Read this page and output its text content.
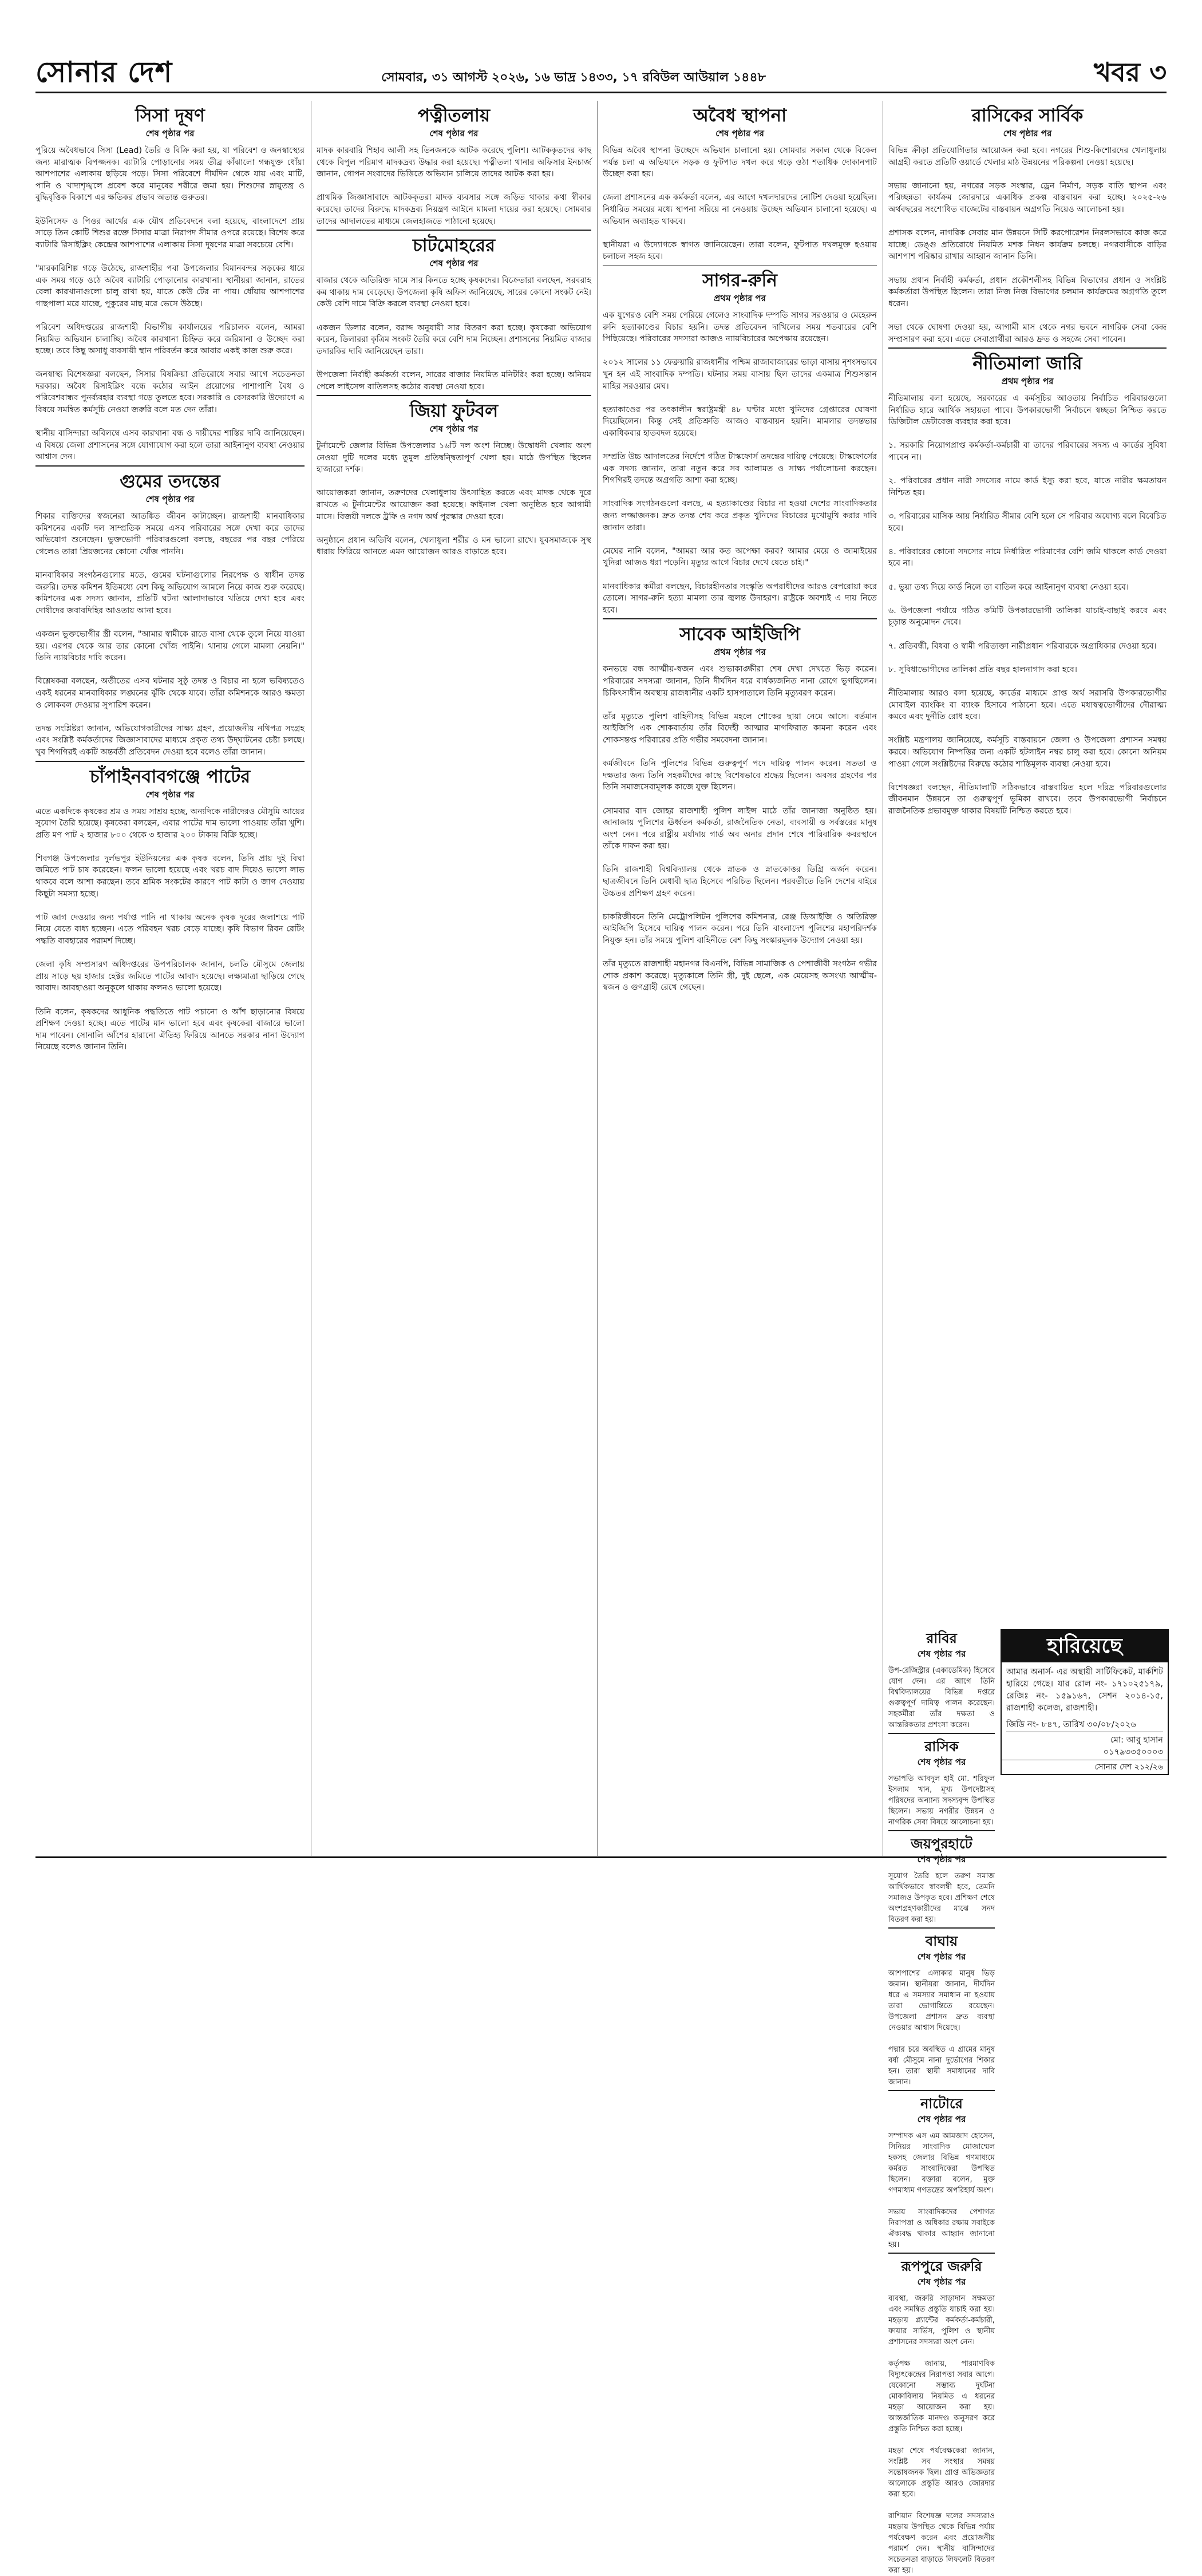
সোনার দেশ	সোমবার, ৩১ আগস্ট ২০২৬, ১৬ ভাদ্র ১৪৩৩, ১৭ রবিউল আউয়াল ১৪৪৮	খবর ৩
সিসা দূষণ
শেষ পৃষ্ঠার পর

পুরিয়ে অবৈধভাবে সিসা (Lead) তৈরি ও বিক্রি করা হয়, যা পরিবেশ ও জনস্বাস্থ্যের জন্য মারাত্মক বিপজ্জনক। ব্যাটারি পোড়ানোর সময় তীব্র কাঁঝালো গন্ধযুক্ত ধোঁয়া আশপাশের এলাকায় ছড়িয়ে পড়ে। সিসা পরিবেশে দীর্ঘদিন থেকে যায় এবং মাটি, পানি ও খাদ্যশৃঙ্খলে প্রবেশ করে মানুষের শরীরে জমা হয়। শিশুদের স্নায়ুতন্ত্র ও বুদ্ধিবৃত্তিক বিকাশে এর ক্ষতিকর প্রভাব অত্যন্ত গুরুতর।

ইউনিসেফ ও পিওর আর্থের এক যৌথ প্রতিবেদনে বলা হয়েছে, বাংলাদেশে প্রায় সাড়ে তিন কোটি শিশুর রক্তে সিসার মাত্রা নিরাপদ সীমার ওপরে রয়েছে। বিশেষ করে ব্যাটারি রিসাইক্লিং কেন্দ্রের আশপাশের এলাকায় সিসা দূষণের মাত্রা সবচেয়ে বেশি।

"মারকারিশিল্প গড়ে উঠেছে, রাজশাহীর পবা উপজেলার বিমানবন্দর সড়কের ধারে এক সময় গড়ে ওঠে অবৈধ ব্যাটারি পোড়ানোর কারখানা। স্থানীয়রা জানান, রাতের বেলা কারখানাগুলো চালু রাখা হয়, যাতে কেউ টের না পায়। ধোঁয়ায় আশপাশের গাছপালা মরে যাচ্ছে, পুকুরের মাছ মরে ভেসে উঠছে।

পরিবেশ অধিদপ্তরের রাজশাহী বিভাগীয় কার্যালয়ের পরিচালক বলেন, আমরা নিয়মিত অভিযান চালাচ্ছি। অবৈধ কারখানা চিহ্নিত করে জরিমানা ও উচ্ছেদ করা হচ্ছে। তবে কিছু অসাধু ব্যবসায়ী স্থান পরিবর্তন করে আবার একই কাজ শুরু করে।

জনস্বাস্থ্য বিশেষজ্ঞরা বলছেন, সিসার বিষক্রিয়া প্রতিরোধে সবার আগে সচেতনতা দরকার। অবৈধ রিসাইক্লিং বন্ধে কঠোর আইন প্রয়োগের পাশাপাশি বৈধ ও পরিবেশবান্ধব পুনর্ব্যবহার ব্যবস্থা গড়ে তুলতে হবে। সরকারি ও বেসরকারি উদ্যোগে এ বিষয়ে সমন্বিত কর্মসূচি নেওয়া জরুরি বলে মত দেন তাঁরা।

স্থানীয় বাসিন্দারা অবিলম্বে এসব কারখানা বন্ধ ও দায়ীদের শাস্তির দাবি জানিয়েছেন। এ বিষয়ে জেলা প্রশাসনের সঙ্গে যোগাযোগ করা হলে তারা আইনানুগ ব্যবস্থা নেওয়ার আশ্বাস দেন।

গুমের তদন্তের
শেষ পৃষ্ঠার পর

শিকার ব্যক্তিদের স্বজনেরা আতঙ্কিত জীবন কাটাচ্ছেন। রাজশাহী মানবাধিকার কমিশনের একটি দল সাম্প্রতিক সময়ে এসব পরিবারের সঙ্গে দেখা করে তাদের অভিযোগ শুনেছেন। ভুক্তভোগী পরিবারগুলো বলছে, বছরের পর বছর পেরিয়ে গেলেও তারা প্রিয়জনের কোনো খোঁজ পাননি।

মানবাধিকার সংগঠনগুলোর মতে, গুমের ঘটনাগুলোর নিরপেক্ষ ও স্বাধীন তদন্ত জরুরি। তদন্ত কমিশন ইতিমধ্যে বেশ কিছু অভিযোগ আমলে নিয়ে কাজ শুরু করেছে। কমিশনের এক সদস্য জানান, প্রতিটি ঘটনা আলাদাভাবে খতিয়ে দেখা হবে এবং দোষীদের জবাবদিহির আওতায় আনা হবে।

একজন ভুক্তভোগীর স্ত্রী বলেন, "আমার স্বামীকে রাতে বাসা থেকে তুলে নিয়ে যাওয়া হয়। এরপর থেকে আর তার কোনো খোঁজ পাইনি। থানায় গেলে মামলা নেয়নি।" তিনি ন্যায়বিচার দাবি করেন।

বিশ্লেষকরা বলছেন, অতীতের এসব ঘটনার সুষ্ঠু তদন্ত ও বিচার না হলে ভবিষ্যতেও একই ধরনের মানবাধিকার লঙ্ঘনের ঝুঁকি থেকে যাবে। তাঁরা কমিশনকে আরও ক্ষমতা ও লোকবল দেওয়ার সুপারিশ করেন।

তদন্ত সংশ্লিষ্টরা জানান, অভিযোগকারীদের সাক্ষ্য গ্রহণ, প্রয়োজনীয় নথিপত্র সংগ্রহ এবং সংশ্লিষ্ট কর্মকর্তাদের জিজ্ঞাসাবাদের মাধ্যমে প্রকৃত তথ্য উদ্‌ঘাটনের চেষ্টা চলছে। খুব শিগগিরই একটি অন্তর্বর্তী প্রতিবেদন দেওয়া হবে বলেও তাঁরা জানান।

চাঁপাইনবাবগঞ্জে পাটের
শেষ পৃষ্ঠার পর

এতে একদিকে কৃষকের শ্রম ও সময় সাশ্রয় হচ্ছে, অন্যদিকে নারীদেরও মৌসুমি আয়ের সুযোগ তৈরি হয়েছে। কৃষকেরা বলছেন, এবার পাটের দাম ভালো পাওয়ায় তাঁরা খুশি। প্রতি মণ পাট ২ হাজার ৮০০ থেকে ৩ হাজার ২০০ টাকায় বিক্রি হচ্ছে।

শিবগঞ্জ উপজেলার দুর্লভপুর ইউনিয়নের এক কৃষক বলেন, তিনি প্রায় দুই বিঘা জমিতে পাট চাষ করেছেন। ফলন ভালো হয়েছে এবং খরচ বাদ দিয়েও ভালো লাভ থাকবে বলে আশা করছেন। তবে শ্রমিক সংকটের কারণে পাট কাটা ও জাগ দেওয়ায় কিছুটা সমস্যা হচ্ছে।

পাট জাগ দেওয়ার জন্য পর্যাপ্ত পানি না থাকায় অনেক কৃষক দূরের জলাশয়ে পাট নিয়ে যেতে বাধ্য হচ্ছেন। এতে পরিবহন খরচ বেড়ে যাচ্ছে। কৃষি বিভাগ রিবন রেটিং পদ্ধতি ব্যবহারের পরামর্শ দিচ্ছে।

জেলা কৃষি সম্প্রসারণ অধিদপ্তরের উপপরিচালক জানান, চলতি মৌসুমে জেলায় প্রায় সাড়ে ছয় হাজার হেক্টর জমিতে পাটের আবাদ হয়েছে। লক্ষ্যমাত্রা ছাড়িয়ে গেছে আবাদ। আবহাওয়া অনুকূলে থাকায় ফলনও ভালো হয়েছে।

তিনি বলেন, কৃষকদের আধুনিক পদ্ধতিতে পাট পচানো ও আঁশ ছাড়ানোর বিষয়ে প্রশিক্ষণ দেওয়া হচ্ছে। এতে পাটের মান ভালো হবে এবং কৃষকেরা বাজারে ভালো দাম পাবেন। সোনালি আঁশের হারানো ঐতিহ্য ফিরিয়ে আনতে সরকার নানা উদ্যোগ নিয়েছে বলেও জানান তিনি।

পত্নীতলায়
শেষ পৃষ্ঠার পর

মাদক কারবারি শিহাব আলী সহ তিনজনকে আটক করেছে পুলিশ। আটককৃতদের কাছ থেকে বিপুল পরিমাণ মাদকদ্রব্য উদ্ধার করা হয়েছে। পত্নীতলা থানার অফিসার ইনচার্জ জানান, গোপন সংবাদের ভিত্তিতে অভিযান চালিয়ে তাদের আটক করা হয়।

প্রাথমিক জিজ্ঞাসাবাদে আটককৃতরা মাদক ব্যবসার সঙ্গে জড়িত থাকার কথা স্বীকার করেছে। তাদের বিরুদ্ধে মাদকদ্রব্য নিয়ন্ত্রণ আইনে মামলা দায়ের করা হয়েছে। সোমবার তাদের আদালতের মাধ্যমে জেলহাজতে পাঠানো হয়েছে।

চাটমোহরের
শেষ পৃষ্ঠার পর

বাজার থেকে অতিরিক্ত দামে সার কিনতে হচ্ছে কৃষকদের। বিক্রেতারা বলছেন, সরবরাহ কম থাকায় দাম বেড়েছে। উপজেলা কৃষি অফিস জানিয়েছে, সারের কোনো সংকট নেই। কেউ বেশি দামে বিক্রি করলে ব্যবস্থা নেওয়া হবে।

একজন ডিলার বলেন, বরাদ্দ অনুযায়ী সার বিতরণ করা হচ্ছে। কৃষকেরা অভিযোগ করেন, ডিলাররা কৃত্রিম সংকট তৈরি করে বেশি দাম নিচ্ছেন। প্রশাসনের নিয়মিত বাজার তদারকির দাবি জানিয়েছেন তারা।

উপজেলা নির্বাহী কর্মকর্তা বলেন, সারের বাজার নিয়মিত মনিটরিং করা হচ্ছে। অনিয়ম পেলে লাইসেন্স বাতিলসহ কঠোর ব্যবস্থা নেওয়া হবে।

জিয়া ফুটবল
শেষ পৃষ্ঠার পর

টুর্নামেন্টে জেলার বিভিন্ন উপজেলার ১৬টি দল অংশ নিচ্ছে। উদ্বোধনী খেলায় অংশ নেওয়া দুটি দলের মধ্যে তুমুল প্রতিদ্বন্দ্বিতাপূর্ণ খেলা হয়। মাঠে উপস্থিত ছিলেন হাজারো দর্শক।

আয়োজকরা জানান, তরুণদের খেলাধুলায় উৎসাহিত করতে এবং মাদক থেকে দূরে রাখতে এ টুর্নামেন্টের আয়োজন করা হয়েছে। ফাইনাল খেলা অনুষ্ঠিত হবে আগামী মাসে। বিজয়ী দলকে ট্রফি ও নগদ অর্থ পুরস্কার দেওয়া হবে।

অনুষ্ঠানে প্রধান অতিথি বলেন, খেলাধুলা শরীর ও মন ভালো রাখে। যুবসমাজকে সুস্থ ধারায় ফিরিয়ে আনতে এমন আয়োজন আরও বাড়াতে হবে।

অবৈধ স্থাপনা
শেষ পৃষ্ঠার পর

বিভিন্ন অবৈধ স্থাপনা উচ্ছেদে অভিযান চালানো হয়। সোমবার সকাল থেকে বিকেল পর্যন্ত চলা এ অভিযানে সড়ক ও ফুটপাত দখল করে গড়ে ওঠা শতাধিক দোকানপাট উচ্ছেদ করা হয়।

জেলা প্রশাসনের এক কর্মকর্তা বলেন, এর আগে দখলদারদের নোটিশ দেওয়া হয়েছিল। নির্ধারিত সময়ের মধ্যে স্থাপনা সরিয়ে না নেওয়ায় উচ্ছেদ অভিযান চালানো হয়েছে। এ অভিযান অব্যাহত থাকবে।

স্থানীয়রা এ উদ্যোগকে স্বাগত জানিয়েছেন। তারা বলেন, ফুটপাত দখলমুক্ত হওয়ায় চলাচল সহজ হবে।

সাগর-রুনি
প্রথম পৃষ্ঠার পর

এক যুগেরও বেশি সময় পেরিয়ে গেলেও সাংবাদিক দম্পতি সাগর সরওয়ার ও মেহেরুন রুনি হত্যাকাণ্ডের বিচার হয়নি। তদন্ত প্রতিবেদন দাখিলের সময় শতবারের বেশি পিছিয়েছে। পরিবারের সদস্যরা আজও ন্যায়বিচারের অপেক্ষায় রয়েছেন।

২০১২ সালের ১১ ফেব্রুয়ারি রাজধানীর পশ্চিম রাজাবাজারের ভাড়া বাসায় নৃশংসভাবে খুন হন এই সাংবাদিক দম্পতি। ঘটনার সময় বাসায় ছিল তাদের একমাত্র শিশুসন্তান মাহির সরওয়ার মেঘ।

হত্যাকাণ্ডের পর তৎকালীন স্বরাষ্ট্রমন্ত্রী ৪৮ ঘণ্টার মধ্যে খুনিদের গ্রেপ্তারের ঘোষণা দিয়েছিলেন। কিন্তু সেই প্রতিশ্রুতি আজও বাস্তবায়ন হয়নি। মামলার তদন্তভার একাধিকবার হাতবদল হয়েছে।

সম্প্রতি উচ্চ আদালতের নির্দেশে গঠিত টাস্কফোর্স তদন্তের দায়িত্ব পেয়েছে। টাস্কফোর্সের এক সদস্য জানান, তারা নতুন করে সব আলামত ও সাক্ষ্য পর্যালোচনা করছেন। শিগগিরই তদন্তে অগ্রগতি আশা করা হচ্ছে।

সাংবাদিক সংগঠনগুলো বলছে, এ হত্যাকাণ্ডের বিচার না হওয়া দেশের সাংবাদিকতার জন্য লজ্জাজনক। দ্রুত তদন্ত শেষ করে প্রকৃত খুনিদের বিচারের মুখোমুখি করার দাবি জানান তারা।

মেঘের নানি বলেন, "আমরা আর কত অপেক্ষা করব? আমার মেয়ে ও জামাইয়ের খুনিরা আজও ধরা পড়েনি। মৃত্যুর আগে বিচার দেখে যেতে চাই।"

মানবাধিকার কর্মীরা বলছেন, বিচারহীনতার সংস্কৃতি অপরাধীদের আরও বেপরোয়া করে তোলে। সাগর-রুনি হত্যা মামলা তার জ্বলন্ত উদাহরণ। রাষ্ট্রকে অবশ্যই এ দায় নিতে হবে।

সাবেক আইজিপি
প্রথম পৃষ্ঠার পর

কনভয়ে বন্ধ আত্মীয়-স্বজন এবং শুভাকাঙ্ক্ষীরা শেষ দেখা দেখতে ভিড় করেন। পরিবারের সদস্যরা জানান, তিনি দীর্ঘদিন ধরে বার্ধক্যজনিত নানা রোগে ভুগছিলেন। চিকিৎসাধীন অবস্থায় রাজধানীর একটি হাসপাতালে তিনি মৃত্যুবরণ করেন।

তাঁর মৃত্যুতে পুলিশ বাহিনীসহ বিভিন্ন মহলে শোকের ছায়া নেমে আসে। বর্তমান আইজিপি এক শোকবার্তায় তাঁর বিদেহী আত্মার মাগফিরাত কামনা করেন এবং শোকসন্তপ্ত পরিবারের প্রতি গভীর সমবেদনা জানান।

কর্মজীবনে তিনি পুলিশের বিভিন্ন গুরুত্বপূর্ণ পদে দায়িত্ব পালন করেন। সততা ও দক্ষতার জন্য তিনি সহকর্মীদের কাছে বিশেষভাবে শ্রদ্ধেয় ছিলেন। অবসর গ্রহণের পর তিনি সমাজসেবামূলক কাজে যুক্ত ছিলেন।

সোমবার বাদ জোহর রাজশাহী পুলিশ লাইন্স মাঠে তাঁর জানাজা অনুষ্ঠিত হয়। জানাজায় পুলিশের ঊর্ধ্বতন কর্মকর্তা, রাজনৈতিক নেতা, ব্যবসায়ী ও সর্বস্তরের মানুষ অংশ নেন। পরে রাষ্ট্রীয় মর্যাদায় গার্ড অব অনার প্রদান শেষে পারিবারিক কবরস্থানে তাঁকে দাফন করা হয়।

তিনি রাজশাহী বিশ্ববিদ্যালয় থেকে স্নাতক ও স্নাতকোত্তর ডিগ্রি অর্জন করেন। ছাত্রজীবনে তিনি মেধাবী ছাত্র হিসেবে পরিচিত ছিলেন। পরবর্তীতে তিনি দেশের বাইরে উচ্চতর প্রশিক্ষণ গ্রহণ করেন।

চাকরিজীবনে তিনি মেট্রোপলিটন পুলিশের কমিশনার, রেঞ্জ ডিআইজি ও অতিরিক্ত আইজিপি হিসেবে দায়িত্ব পালন করেন। পরে তিনি বাংলাদেশ পুলিশের মহাপরিদর্শক নিযুক্ত হন। তাঁর সময়ে পুলিশ বাহিনীতে বেশ কিছু সংস্কারমূলক উদ্যোগ নেওয়া হয়।

তাঁর মৃত্যুতে রাজশাহী মহানগর বিএনপি, বিভিন্ন সামাজিক ও পেশাজীবী সংগঠন গভীর শোক প্রকাশ করেছে। মৃত্যুকালে তিনি স্ত্রী, দুই ছেলে, এক মেয়েসহ অসংখ্য আত্মীয়-স্বজন ও গুণগ্রাহী রেখে গেছেন।

রাসিকের সার্বিক
শেষ পৃষ্ঠার পর

বিভিন্ন ক্রীড়া প্রতিযোগিতার আয়োজন করা হবে। নগরের শিশু-কিশোরদের খেলাধুলায় আগ্রহী করতে প্রতিটি ওয়ার্ডে খেলার মাঠ উন্নয়নের পরিকল্পনা নেওয়া হয়েছে।

সভায় জানানো হয়, নগরের সড়ক সংস্কার, ড্রেন নির্মাণ, সড়ক বাতি স্থাপন এবং পরিচ্ছন্নতা কার্যক্রম জোরদারে একাধিক প্রকল্প বাস্তবায়ন করা হচ্ছে। ২০২৫-২৬ অর্থবছরের সংশোধিত বাজেটের বাস্তবায়ন অগ্রগতি নিয়েও আলোচনা হয়।

প্রশাসক বলেন, নাগরিক সেবার মান উন্নয়নে সিটি করপোরেশন নিরলসভাবে কাজ করে যাচ্ছে। ডেঙ্গু প্রতিরোধে নিয়মিত মশক নিধন কার্যক্রম চলছে। নগরবাসীকে বাড়ির আশপাশ পরিষ্কার রাখার আহ্বান জানান তিনি।

সভায় প্রধান নির্বাহী কর্মকর্তা, প্রধান প্রকৌশলীসহ বিভিন্ন বিভাগের প্রধান ও সংশ্লিষ্ট কর্মকর্তারা উপস্থিত ছিলেন। তারা নিজ নিজ বিভাগের চলমান কার্যক্রমের অগ্রগতি তুলে ধরেন।

সভা থেকে ঘোষণা দেওয়া হয়, আগামী মাস থেকে নগর ভবনে নাগরিক সেবা কেন্দ্র সম্প্রসারণ করা হবে। এতে সেবাপ্রার্থীরা আরও দ্রুত ও সহজে সেবা পাবেন।

নীতিমালা জারি
প্রথম পৃষ্ঠার পর

নীতিমালায় বলা হয়েছে, সরকারের এ কর্মসূচির আওতায় নির্বাচিত পরিবারগুলো নির্ধারিত হারে আর্থিক সহায়তা পাবে। উপকারভোগী নির্বাচনে স্বচ্ছতা নিশ্চিত করতে ডিজিটাল ডেটাবেজ ব্যবহার করা হবে।

১. সরকারি নিয়োগপ্রাপ্ত কর্মকর্তা-কর্মচারী বা তাদের পরিবারের সদস্য এ কার্ডের সুবিধা পাবেন না।

২. পরিবারের প্রধান নারী সদস্যের নামে কার্ড ইস্যু করা হবে, যাতে নারীর ক্ষমতায়ন নিশ্চিত হয়।

৩. পরিবারের মাসিক আয় নির্ধারিত সীমার বেশি হলে সে পরিবার অযোগ্য বলে বিবেচিত হবে।

৪. পরিবারের কোনো সদস্যের নামে নির্ধারিত পরিমাণের বেশি জমি থাকলে কার্ড দেওয়া হবে না।

৫. ভুয়া তথ্য দিয়ে কার্ড নিলে তা বাতিল করে আইনানুগ ব্যবস্থা নেওয়া হবে।

৬. উপজেলা পর্যায়ে গঠিত কমিটি উপকারভোগী তালিকা যাচাই-বাছাই করবে এবং চূড়ান্ত অনুমোদন দেবে।

৭. প্রতিবন্ধী, বিধবা ও স্বামী পরিত্যক্তা নারীপ্রধান পরিবারকে অগ্রাধিকার দেওয়া হবে।

৮. সুবিধাভোগীদের তালিকা প্রতি বছর হালনাগাদ করা হবে।

নীতিমালায় আরও বলা হয়েছে, কার্ডের মাধ্যমে প্রাপ্ত অর্থ সরাসরি উপকারভোগীর মোবাইল ব্যাংকিং বা ব্যাংক হিসাবে পাঠানো হবে। এতে মধ্যস্বত্বভোগীদের দৌরাত্ম্য কমবে এবং দুর্নীতি রোধ হবে।

সংশ্লিষ্ট মন্ত্রণালয় জানিয়েছে, কর্মসূচি বাস্তবায়নে জেলা ও উপজেলা প্রশাসন সমন্বয় করবে। অভিযোগ নিষ্পত্তির জন্য একটি হটলাইন নম্বর চালু করা হবে। কোনো অনিয়ম পাওয়া গেলে সংশ্লিষ্টদের বিরুদ্ধে কঠোর শাস্তিমূলক ব্যবস্থা নেওয়া হবে।

বিশেষজ্ঞরা বলছেন, নীতিমালাটি সঠিকভাবে বাস্তবায়িত হলে দরিদ্র পরিবারগুলোর জীবনমান উন্নয়নে তা গুরুত্বপূর্ণ ভূমিকা রাখবে। তবে উপকারভোগী নির্বাচনে রাজনৈতিক প্রভাবমুক্ত থাকার বিষয়টি নিশ্চিত করতে হবে।

হারিয়েছে
আমার অনার্স- এর অস্থায়ী সার্টিফিকেট, মার্কশিট হারিয়ে গেছে। যার রোল নং- ১৭১০২৫১৭৯, রেজিঃ নং- ১৫৯১৬৭, সেশন ২০১৪-১৫, রাজশাহী কলেজ, রাজশাহী।
জিডি নং- ৮৪৭, তারিখ ৩০/০৮/২০২৬
মো: আবু হাসান
০১৭৯৩৩৫০০০৩
সোনার দেশ ২১২/২৬
রাবির
শেষ পৃষ্ঠার পর

উপ-রেজিস্ট্রার (একাডেমিক) হিসেবে যোগ দেন। এর আগে তিনি বিশ্ববিদ্যালয়ের বিভিন্ন দপ্তরে গুরুত্বপূর্ণ দায়িত্ব পালন করেছেন। সহকর্মীরা তাঁর দক্ষতা ও আন্তরিকতার প্রশংসা করেন।

রাসিক
শেষ পৃষ্ঠার পর

সভাপতি আবদুল হাই মো. শরিফুল ইসলাম খান, মূখ্য উপদেষ্টাসহ পরিষদের অন্যান্য সদস্যবৃন্দ উপস্থিত ছিলেন। সভায় নগরীর উন্নয়ন ও নাগরিক সেবা বিষয়ে আলোচনা হয়।

জয়পুরহাটে
শেষ পৃষ্ঠার পর

সুযোগ তৈরি হলে তরুণ সমাজ আর্থিকভাবে স্বাবলম্বী হবে, তেমনি সমাজও উপকৃত হবে। প্রশিক্ষণ শেষে অংশগ্রহণকারীদের মাঝে সনদ বিতরণ করা হয়।

বাঘায়
শেষ পৃষ্ঠার পর

আশপাশের এলাকার মানুষ ভিড় জমান। স্থানীয়রা জানান, দীর্ঘদিন ধরে এ সমস্যার সমাধান না হওয়ায় তারা ভোগান্তিতে রয়েছেন। উপজেলা প্রশাসন দ্রুত ব্যবস্থা নেওয়ার আশ্বাস দিয়েছে।

পদ্মার চরে অবস্থিত এ গ্রামের মানুষ বর্ষা মৌসুমে নানা দুর্ভোগের শিকার হন। তারা স্থায়ী সমাধানের দাবি জানান।

নাটোরে
শেষ পৃষ্ঠার পর

সম্পাদক এস এম আমজাদ হোসেন, সিনিয়র সাংবাদিক মোজাম্মেল হকসহ জেলার বিভিন্ন গণমাধ্যমে কর্মরত সাংবাদিকেরা উপস্থিত ছিলেন। বক্তারা বলেন, মুক্ত গণমাধ্যম গণতন্ত্রের অপরিহার্য অংশ।

সভায় সাংবাদিকদের পেশাগত নিরাপত্তা ও অধিকার রক্ষায় সবাইকে ঐক্যবদ্ধ থাকার আহ্বান জানানো হয়।

রূপপুরে জরুরি
শেষ পৃষ্ঠার পর

ব্যবস্থা, জরুরি সাড়াদান সক্ষমতা এবং সমন্বিত প্রস্তুতি যাচাই করা হয়। মহড়ায় প্ল্যান্টের কর্মকর্তা-কর্মচারী, ফায়ার সার্ভিস, পুলিশ ও স্থানীয় প্রশাসনের সদস্যরা অংশ নেন।

কর্তৃপক্ষ জানায়, পারমাণবিক বিদ্যুৎকেন্দ্রের নিরাপত্তা সবার আগে। যেকোনো সম্ভাব্য দুর্ঘটনা মোকাবিলায় নিয়মিত এ ধরনের মহড়া আয়োজন করা হয়। আন্তর্জাতিক মানদণ্ড অনুসরণ করে প্রস্তুতি নিশ্চিত করা হচ্ছে।

মহড়া শেষে পর্যবেক্ষকেরা জানান, সংশ্লিষ্ট সব সংস্থার সমন্বয় সন্তোষজনক ছিল। প্রাপ্ত অভিজ্ঞতার আলোকে প্রস্তুতি আরও জোরদার করা হবে।

রাশিয়ান বিশেষজ্ঞ দলের সদস্যরাও মহড়ায় উপস্থিত থেকে বিভিন্ন পর্যায় পর্যবেক্ষণ করেন এবং প্রয়োজনীয় পরামর্শ দেন। স্থানীয় বাসিন্দাদের সচেতনতা বাড়াতে লিফলেট বিতরণ করা হয়।
